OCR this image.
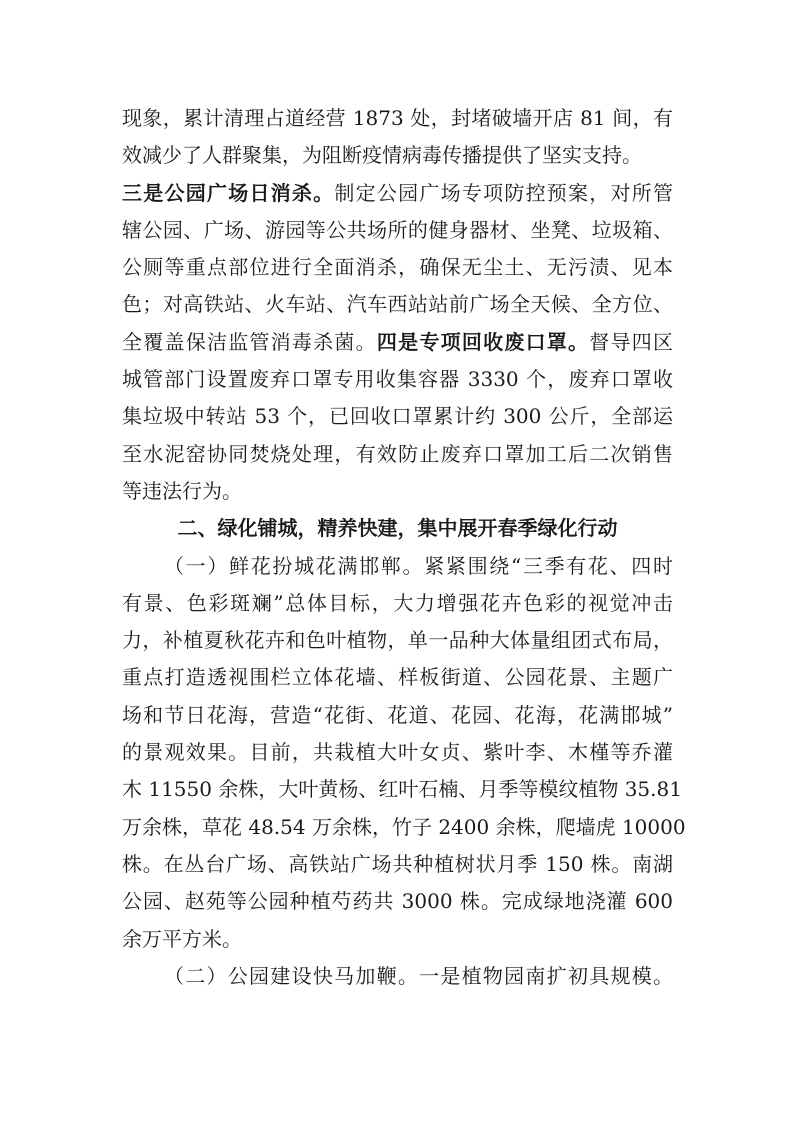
现象，累计清理占道经营 1873 处，封堵破墙开店 81 间，有
效减少了人群聚集，为阻断疫情病毒传播提供了坚实支持。
三是公园广场日消杀。制定公园广场专项防控预案，对所管
辖公园、广场、游园等公共场所的健身器材、坐凳、垃圾箱、
公厕等重点部位进行全面消杀，确保无尘土、无污渍、见本
色；对高铁站、火车站、汽车西站站前广场全天候、全方位、
全覆盖保洁监管消毒杀菌。四是专项回收废口罩。督导四区
城管部门设置废弃口罩专用收集容器 3330 个，废弃口罩收
集垃圾中转站 53 个，已回收口罩累计约 300 公斤，全部运
至水泥窑协同焚烧处理，有效防止废弃口罩加工后二次销售
等违法行为。
二、绿化铺城，精养快建，集中展开春季绿化行动
（一）鲜花扮城花满邯郸。紧紧围绕“三季有花、四时
有景、色彩斑斓”总体目标，大力增强花卉色彩的视觉冲击
力，补植夏秋花卉和色叶植物，单一品种大体量组团式布局，
重点打造透视围栏立体花墙、样板街道、公园花景、主题广
场和节日花海，营造“花街、花道、花园、花海，花满邯城”
的景观效果。目前，共栽植大叶女贞、紫叶李、木槿等乔灌
木 11550 余株，大叶黄杨、红叶石楠、月季等模纹植物 35.81
万余株，草花 48.54 万余株，竹子 2400 余株，爬墙虎 10000
株。在丛台广场、高铁站广场共种植树状月季 150 株。南湖
公园、赵苑等公园种植芍药共 3000 株。完成绿地浇灌 600
余万平方米。
（二）公园建设快马加鞭。一是植物园南扩初具规模。
